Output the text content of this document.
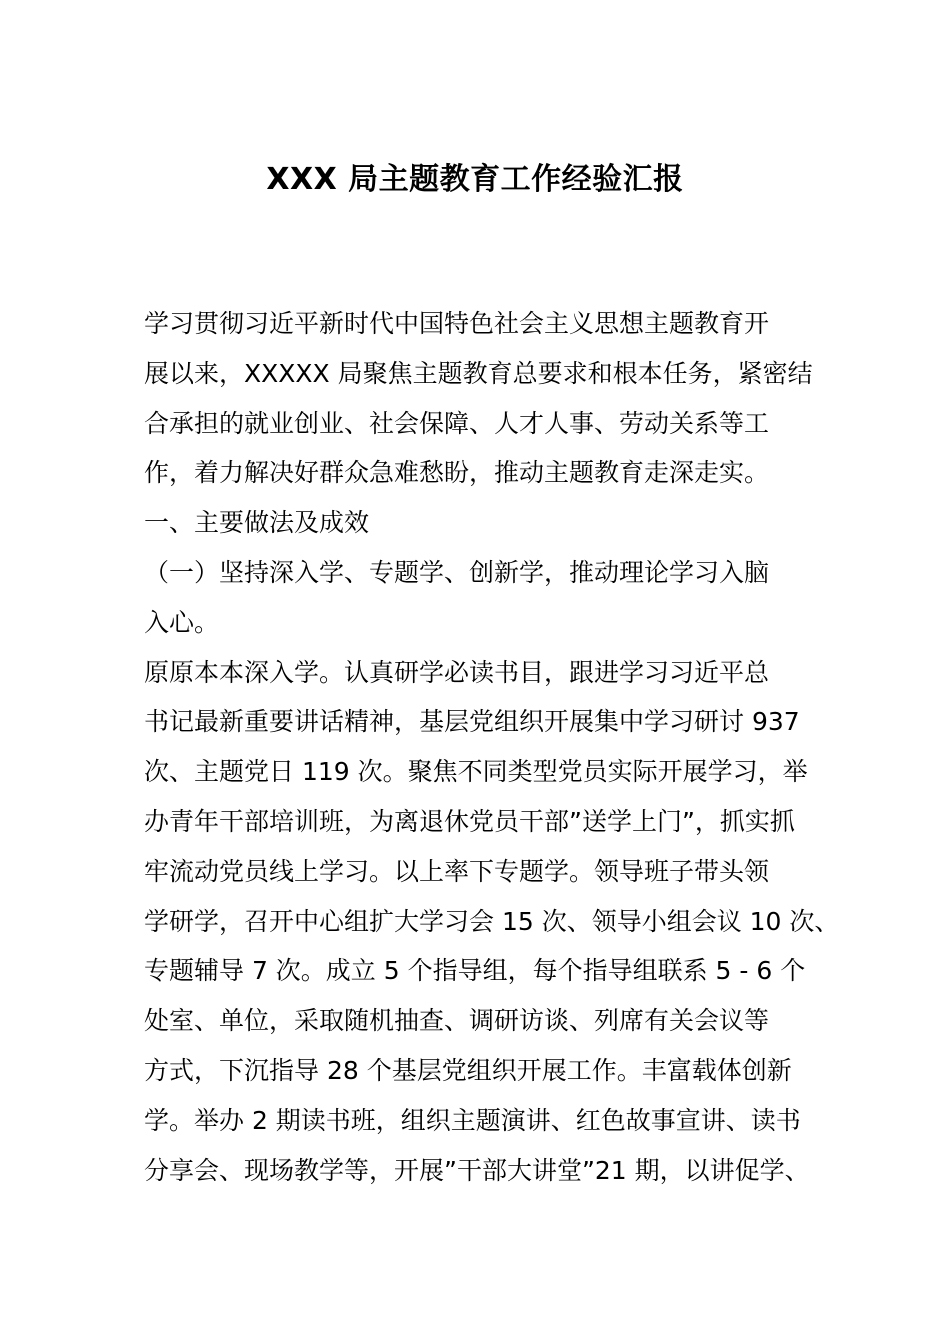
XXX 局主题教育工作经验汇报
学习贯彻习近平新时代中国特色社会主义思想主题教育开
展以来，XXXXX 局聚焦主题教育总要求和根本任务，紧密结
合承担的就业创业、社会保障、人才人事、劳动关系等工
作，着力解决好群众急难愁盼，推动主题教育走深走实。
一、主要做法及成效
（一）坚持深入学、专题学、创新学，推动理论学习入脑
入心。
原原本本深入学。认真研学必读书目，跟进学习习近平总
书记最新重要讲话精神，基层党组织开展集中学习研讨 937
次、主题党日 119 次。聚焦不同类型党员实际开展学习，举
办青年干部培训班，为离退休党员干部”送学上门”，抓实抓
牢流动党员线上学习。以上率下专题学。领导班子带头领
学研学，召开中心组扩大学习会 15 次、领导小组会议 10 次、
专题辅导 7 次。成立 5 个指导组，每个指导组联系 5 - 6 个
处室、单位，采取随机抽查、调研访谈、列席有关会议等
方式，下沉指导 28 个基层党组织开展工作。丰富载体创新
学。举办 2 期读书班，组织主题演讲、红色故事宣讲、读书
分享会、现场教学等，开展”干部大讲堂”21 期，以讲促学、
